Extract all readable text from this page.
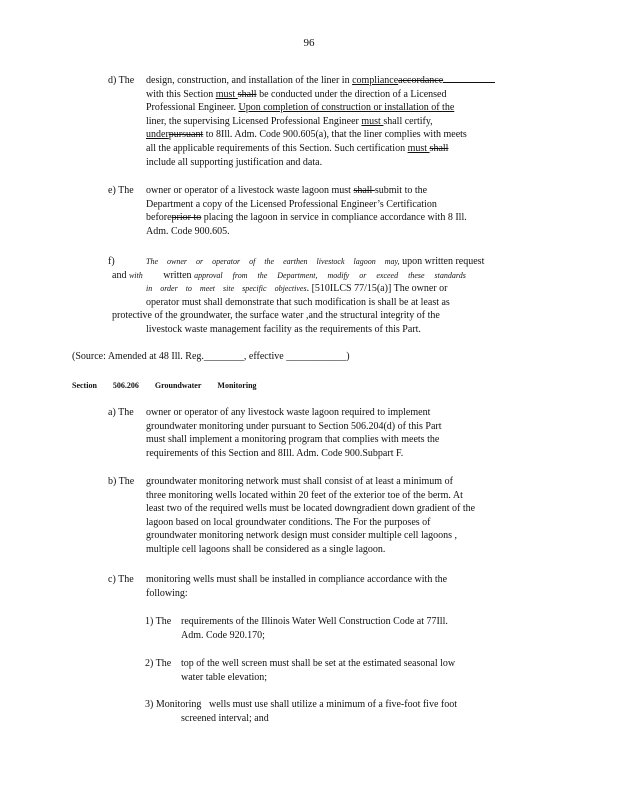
96
d) The design, construction, and installation of the liner in complianceaccordance
with this Section must shall be conducted under the direction of a Licensed
Professional Engineer. Upon completion of construction or installation of the
liner, the supervising Licensed Professional Engineer must shall certify,
underpursuant to 8Ill. Adm. Code 900.605(a), that the liner complies with meets
all the applicable requirements of this Section. Such certification must shall
include all supporting justification and data.
e) The owner or operator of a livestock waste lagoon must shall submit to the
Department a copy of the Licensed Professional Engineer’s Certification
beforeprior to placing the lagoon in service in compliance accordance with 8 Ill.
Adm. Code 900.605.
f)	The owner or operator of the earthen livestock lagoon may, upon written request
and with written approval from the Department, modify or exceed these standards
in order to meet site specific objectives. [510ILCS 77/15(a)] The owner or
operator must shall demonstrate that such modification is shall be at least as
protective of the groundwater, the surface water ,and the structural integrity of the
livestock waste management facility as the requirements of this Part.
(Source: Amended at 48 Ill. Reg.________, effective ____________)
Section 506.206 Groundwater Monitoring
a) The owner or operator of any livestock waste lagoon required to implement
groundwater monitoring under pursuant to Section 506.204(d) of this Part
must shall implement a monitoring program that complies with meets the
requirements of this Section and 8Ill. Adm. Code 900.Subpart F.
b) The groundwater monitoring network must shall consist of at least a minimum of
three monitoring wells located within 20 feet of the exterior toe of the berm. At
least two of the required wells must be located downgradient down gradient of the
lagoon based on local groundwater conditions. The For the purposes of
groundwater monitoring network design must consider multiple cell lagoons ,
multiple cell lagoons shall be considered as a single lagoon.
c) The monitoring wells must shall be installed in compliance accordance with the
following:
1) The requirements of the Illinois Water Well Construction Code at 77Ill.
Adm. Code 920.170;
2) The top of the well screen must shall be set at the estimated seasonal low
water table elevation;
3) Monitoring wells must use shall utilize a minimum of a five-foot five foot
screened interval; and
